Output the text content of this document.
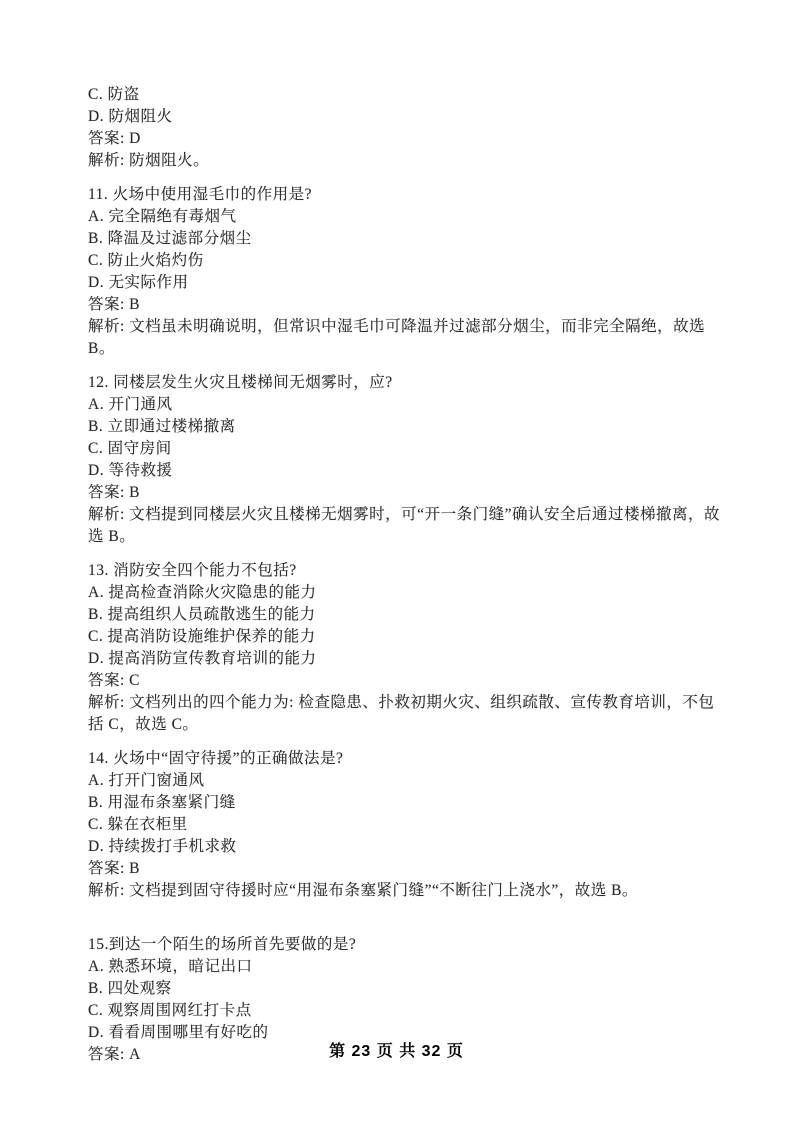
C. 防盗
D. 防烟阻火
答案: D
解析: 防烟阻火。
11. 火场中使用湿毛巾的作用是?
A. 完全隔绝有毒烟气
B. 降温及过滤部分烟尘
C. 防止火焰灼伤
D. 无实际作用
答案: B
解析: 文档虽未明确说明，但常识中湿毛巾可降温并过滤部分烟尘，而非完全隔绝，故选 B。
12. 同楼层发生火灾且楼梯间无烟雾时，应?
A. 开门通风
B. 立即通过楼梯撤离
C. 固守房间
D. 等待救援
答案: B
解析: 文档提到同楼层火灾且楼梯无烟雾时，可“开一条门缝”确认安全后通过楼梯撤离，故选 B。
13. 消防安全四个能力不包括?
A. 提高检查消除火灾隐患的能力
B. 提高组织人员疏散逃生的能力
C. 提高消防设施维护保养的能力
D. 提高消防宣传教育培训的能力
答案: C
解析: 文档列出的四个能力为: 检查隐患、扑救初期火灾、组织疏散、宣传教育培训，不包括 C，故选 C。
14. 火场中“固守待援”的正确做法是?
A. 打开门窗通风
B. 用湿布条塞紧门缝
C. 躲在衣柜里
D. 持续拨打手机求救
答案: B
解析: 文档提到固守待援时应“用湿布条塞紧门缝”“不断往门上浇水”，故选 B。
15.到达一个陌生的场所首先要做的是?
A. 熟悉环境，暗记出口
B. 四处观察
C. 观察周围网红打卡点
D. 看看周围哪里有好吃的
答案: A	第 23 页 共 32 页
